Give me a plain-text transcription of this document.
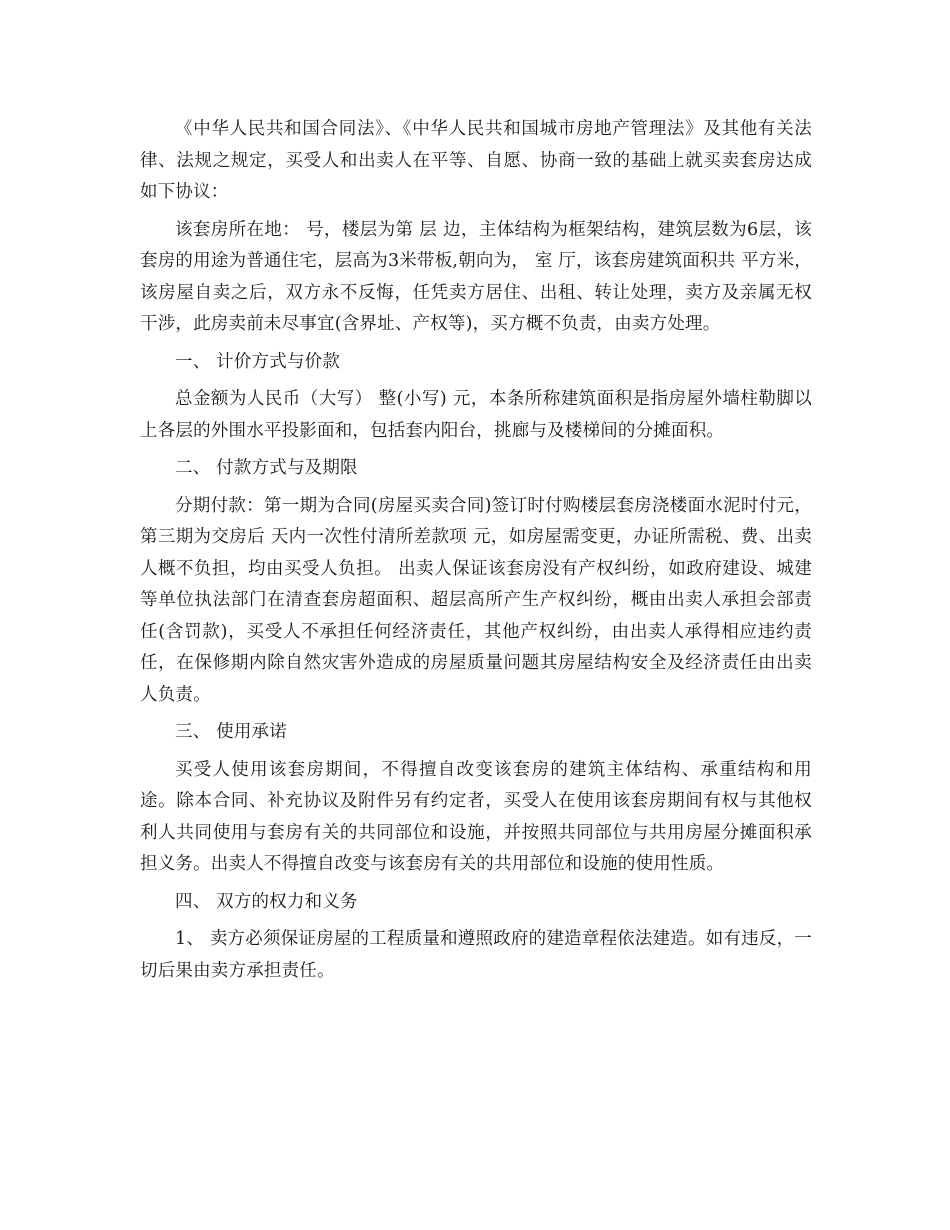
《中华人民共和国合同法》、《中华人民共和国城市房地产管理法》及其他有关法律、法规之规定，买受人和出卖人在平等、自愿、协商一致的基础上就买卖套房达成如下协议：

该套房所在地： 号，楼层为第 层 边，主体结构为框架结构，建筑层数为6层，该套房的用途为普通住宅，层高为3米带板,朝向为， 室 厅，该套房建筑面积共 平方米，该房屋自卖之后，双方永不反悔，任凭卖方居住、出租、转让处理，卖方及亲属无权干涉，此房卖前未尽事宜(含界址、产权等)，买方概不负责，由卖方处理。

一、 计价方式与价款

总金额为人民币（大写） 整(小写) 元，本条所称建筑面积是指房屋外墙柱勒脚以上各层的外围水平投影面和，包括套内阳台，挑廊与及楼梯间的分摊面积。

二、 付款方式与及期限

分期付款：第一期为合同(房屋买卖合同)签订时付购楼层套房浇楼面水泥时付元，第三期为交房后 天内一次性付清所差款项 元，如房屋需变更，办证所需税、费、出卖人概不负担，均由买受人负担。 出卖人保证该套房没有产权纠纷，如政府建设、城建等单位执法部门在清查套房超面积、超层高所产生产权纠纷，概由出卖人承担会部责任(含罚款)，买受人不承担任何经济责任，其他产权纠纷，由出卖人承得相应违约责任，在保修期内除自然灾害外造成的房屋质量问题其房屋结构安全及经济责任由出卖人负责。

三、 使用承诺

买受人使用该套房期间，不得擅自改变该套房的建筑主体结构、承重结构和用途。除本合同、补充协议及附件另有约定者，买受人在使用该套房期间有权与其他权利人共同使用与套房有关的共同部位和设施，并按照共同部位与共用房屋分摊面积承担义务。出卖人不得擅自改变与该套房有关的共用部位和设施的使用性质。

四、 双方的权力和义务

1、 卖方必须保证房屋的工程质量和遵照政府的建造章程依法建造。如有违反，一切后果由卖方承担责任。
